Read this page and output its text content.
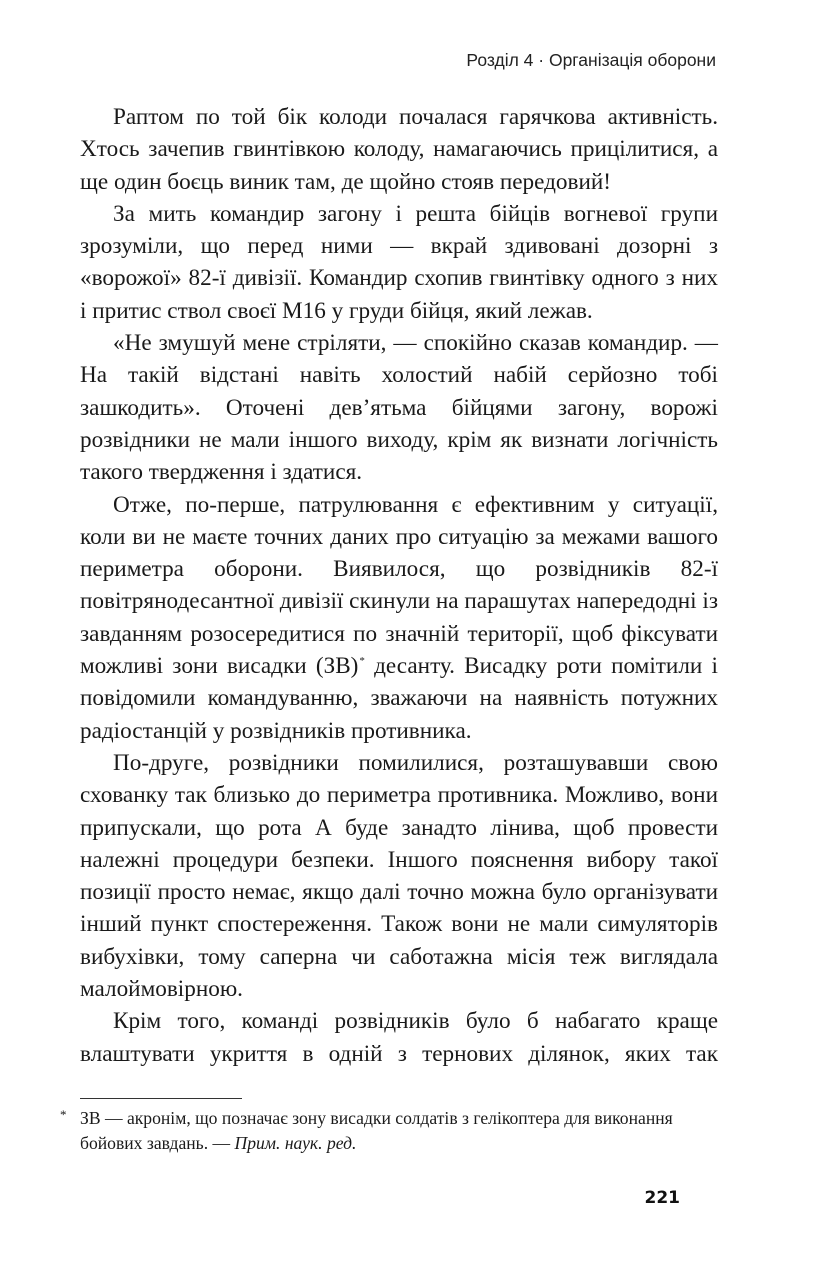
Розділ 4 · Організація оборони

Раптом по той бік колоди почалася гарячкова активність. Хтось зачепив гвинтівкою колоду, намагаючись прицілитися, а ще один боєць виник там, де щойно стояв передовий!

За мить командир загону і решта бійців вогневої групи зрозуміли, що перед ними — вкрай здивовані дозорні з «ворожої» 82-ї дивізії. Командир схопив гвинтівку одного з них і притис ствол своєї M16 у груди бійця, який лежав.

«Не змушуй мене стріляти, — спокійно сказав командир. — На такій відстані навіть холостий набій серйозно тобі зашкодить». Оточені дев’ятьма бійцями загону, ворожі розвідники не мали іншого виходу, крім як визнати логічність такого твердження і здатися.

Отже, по-перше, патрулювання є ефективним у ситуації, коли ви не маєте точних даних про ситуацію за межами вашого периметра оборони. Виявилося, що розвідників 82-ї повітрянодесантної дивізії скинули на парашутах напередодні із завданням розосередитися по значній території, щоб фіксувати можливі зони висадки (ЗВ)* десанту. Висадку роти помітили і повідомили командуванню, зважаючи на наявність потужних радіостанцій у розвідників противника.

По-друге, розвідники помилилися, розташувавши свою схованку так близько до периметра противника. Можливо, вони припускали, що рота А буде занадто лінива, щоб провести належні процедури безпеки. Іншого пояснення вибору такої позиції просто немає, якщо далі точно можна було організувати інший пункт спостереження. Також вони не мали симуляторів вибухівки, тому саперна чи саботажна місія теж виглядала малоймовірною.

Крім того, команді розвідників було б набагато краще влаштувати укриття в одній з тернових ділянок, яких так

* ЗВ — акронім, що позначає зону висадки солдатів з гелікоптера для виконання бойових завдань. — Прим. наук. ред.
221
